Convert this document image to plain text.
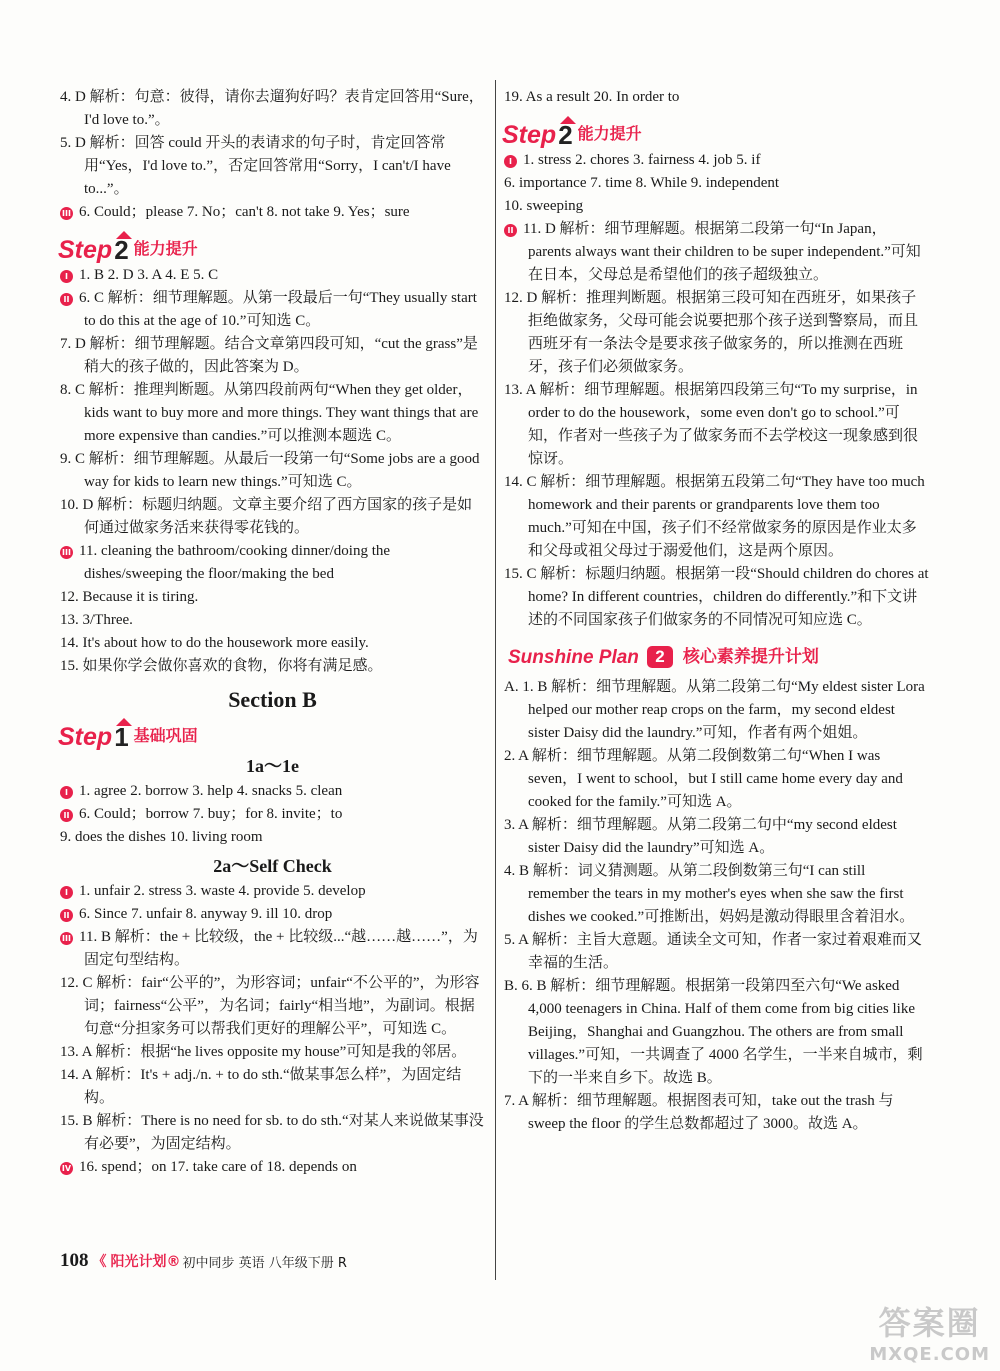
4. D 解析：句意：彼得，请你去遛狗好吗？表肯定回答用“Sure，I'd love to.”。

5. D 解析：回答 could 开头的表请求的句子时，肯定回答常用“Yes，I'd love to.”，否定回答常用“Sorry，I can't/I have to...”。

III 6. Could；please 7. No；can't 8. not take 9. Yes；sure

Step 2 能力提升

I 1. B 2. D 3. A 4. E 5. C

II 6. C 解析：细节理解题。从第一段最后一句“They usually start to do this at the age of 10.”可知选 C。

7. D 解析：细节理解题。结合文章第四段可知，“cut the grass”是稍大的孩子做的，因此答案为 D。

8. C 解析：推理判断题。从第四段前两句“When they get older，kids want to buy more and more things. They want things that are more expensive than candies.”可以推测本题选 C。

9. C 解析：细节理解题。从最后一段第一句“Some jobs are a good way for kids to learn new things.”可知选 C。

10. D 解析：标题归纳题。文章主要介绍了西方国家的孩子是如何通过做家务活来获得零花钱的。

III 11. cleaning the bathroom/cooking dinner/doing the dishes/sweeping the floor/making the bed

12. Because it is tiring.

13. 3/Three.

14. It's about how to do the housework more easily.

15. 如果你学会做你喜欢的食物，你将有满足感。

Section B
Step 1 基础巩固
1a～1e

I 1. agree 2. borrow 3. help 4. snacks 5. clean

II 6. Could；borrow 7. buy；for 8. invite；to

9. does the dishes 10. living room

2a～Self Check

I 1. unfair 2. stress 3. waste 4. provide 5. develop

II 6. Since 7. unfair 8. anyway 9. ill 10. drop

III 11. B 解析：the + 比较级，the + 比较级...“越……越……”，为固定句型结构。

12. C 解析：fair“公平的”，为形容词；unfair“不公平的”，为形容词；fairness“公平”，为名词；fairly“相当地”，为副词。根据句意“分担家务可以帮我们更好的理解公平”，可知选 C。

13. A 解析：根据“he lives opposite my house”可知是我的邻居。

14. A 解析：It's + adj./n. + to do sth.“做某事怎么样”，为固定结构。

15. B 解析：There is no need for sb. to do sth.“对某人来说做某事没有必要”，为固定结构。

IV 16. spend；on 17. take care of 18. depends on

19. As a result 20. In order to

Step 2 能力提升

I 1. stress 2. chores 3. fairness 4. job 5. if

6. importance 7. time 8. While 9. independent

10. sweeping

II 11. D 解析：细节理解题。根据第二段第一句“In Japan，parents always want their children to be super independent.”可知在日本，父母总是希望他们的孩子超级独立。

12. D 解析：推理判断题。根据第三段可知在西班牙，如果孩子拒绝做家务，父母可能会说要把那个孩子送到警察局，而且西班牙有一条法令是要求孩子做家务的，所以推测在西班牙，孩子们必须做家务。

13. A 解析：细节理解题。根据第四段第三句“To my surprise，in order to do the housework，some even don't go to school.”可知，作者对一些孩子为了做家务而不去学校这一现象感到很惊讶。

14. C 解析：细节理解题。根据第五段第二句“They have too much homework and their parents or grandparents love them too much.”可知在中国，孩子们不经常做家务的原因是作业太多和父母或祖父母过于溺爱他们，这是两个原因。

15. C 解析：标题归纳题。根据第一段“Should children do chores at home? In different countries，children do differently.”和下文讲述的不同国家孩子们做家务的不同情况可知应选 C。

Sunshine Plan 2	核心素养提升计划

A. 1. B 解析：细节理解题。从第二段第二句“My eldest sister Lora helped our mother reap crops on the farm，my second eldest sister Daisy did the laundry.”可知，作者有两个姐姐。

2. A 解析：细节理解题。从第二段倒数第二句“When I was seven，I went to school，but I still came home every day and cooked for the family.”可知选 A。

3. A 解析：细节理解题。从第二段第二句中“my second eldest sister Daisy did the laundry”可知选 A。

4. B 解析：词义猜测题。从第二段倒数第三句“I can still remember the tears in my mother's eyes when she saw the first dishes we cooked.”可推断出，妈妈是激动得眼里含着泪水。

5. A 解析：主旨大意题。通读全文可知，作者一家过着艰难而又幸福的生活。

B. 6. B 解析：细节理解题。根据第一段第四至六句“We asked 4,000 teenagers in China. Half of them come from big cities like Beijing，Shanghai and Guangzhou. The others are from small villages.”可知，一共调查了 4000 名学生，一半来自城市，剩下的一半来自乡下。故选 B。

7. A 解析：细节理解题。根据图表可知，take out the trash 与 sweep the floor 的学生总数都超过了 3000。故选 A。

108 《 阳光计划® 初中同步 英语 八年级下册 R
答案圈
MXQE.COM
